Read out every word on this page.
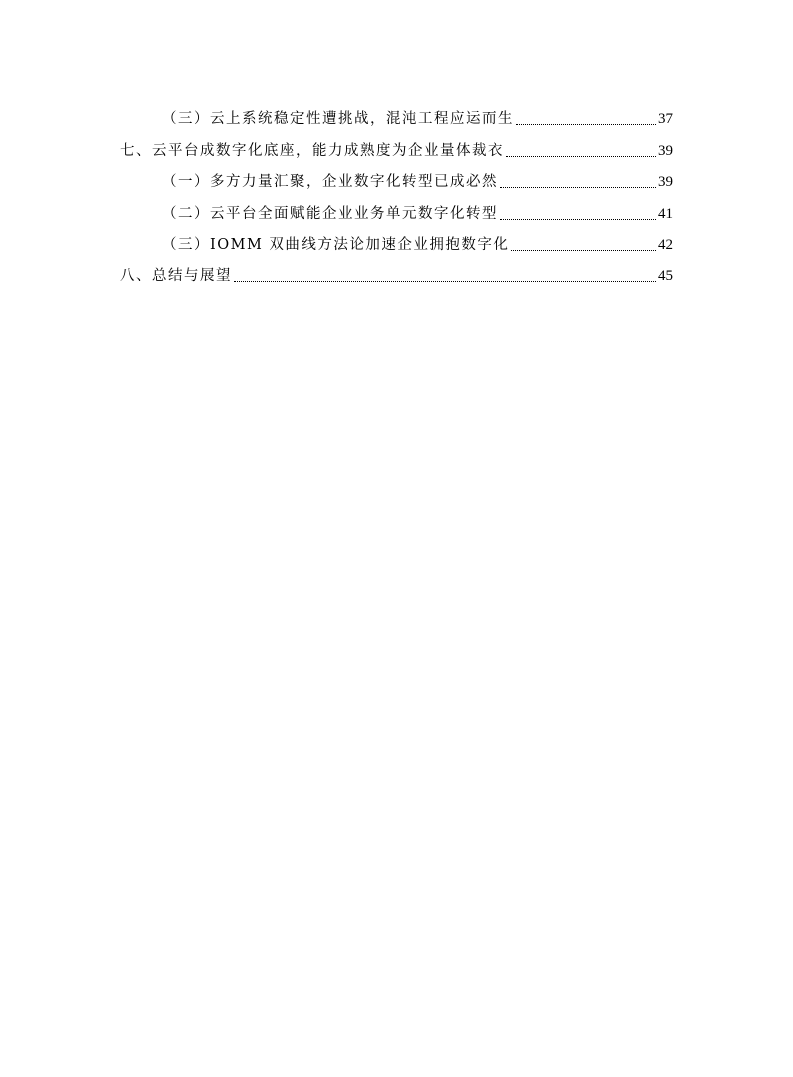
（三）云上系统稳定性遭挑战，混沌工程应运而生	37
七、云平台成数字化底座，能力成熟度为企业量体裁衣	39
（一）多方力量汇聚，企业数字化转型已成必然	39
（二）云平台全面赋能企业业务单元数字化转型	41
（三）IOMM 双曲线方法论加速企业拥抱数字化	42
八、总结与展望	45
